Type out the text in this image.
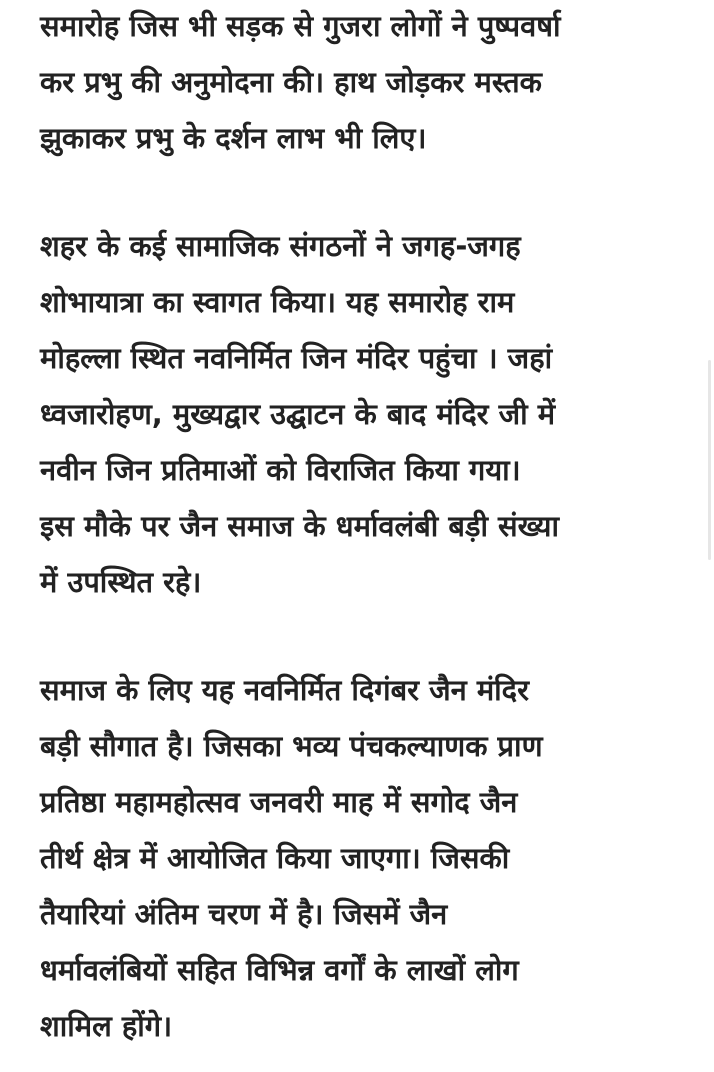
समारोह जिस भी सड़क से गुजरा लोगों ने पुष्पवर्षा
कर प्रभु की अनुमोदना की। हाथ जोड़कर मस्तक
झुकाकर प्रभु के दर्शन लाभ भी लिए।

शहर के कई सामाजिक संगठनों ने जगह-जगह
शोभायात्रा का स्वागत किया। यह समारोह राम
मोहल्ला स्थित नवनिर्मित जिन मंदिर पहुंचा । जहां
ध्वजारोहण, मुख्यद्वार उद्घाटन के बाद मंदिर जी में
नवीन जिन प्रतिमाओं को विराजित किया गया।
इस मौके पर जैन समाज के धर्मावलंबी बड़ी संख्या
में उपस्थित रहे।

समाज के लिए यह नवनिर्मित दिगंबर जैन मंदिर
बड़ी सौगात है। जिसका भव्य पंचकल्याणक प्राण
प्रतिष्ठा महामहोत्सव जनवरी माह में सगोद जैन
तीर्थ क्षेत्र में आयोजित किया जाएगा। जिसकी
तैयारियां अंतिम चरण में है। जिसमें जैन
धर्मावलंबियों सहित विभिन्न वर्गों के लाखों लोग
शामिल होंगे।
